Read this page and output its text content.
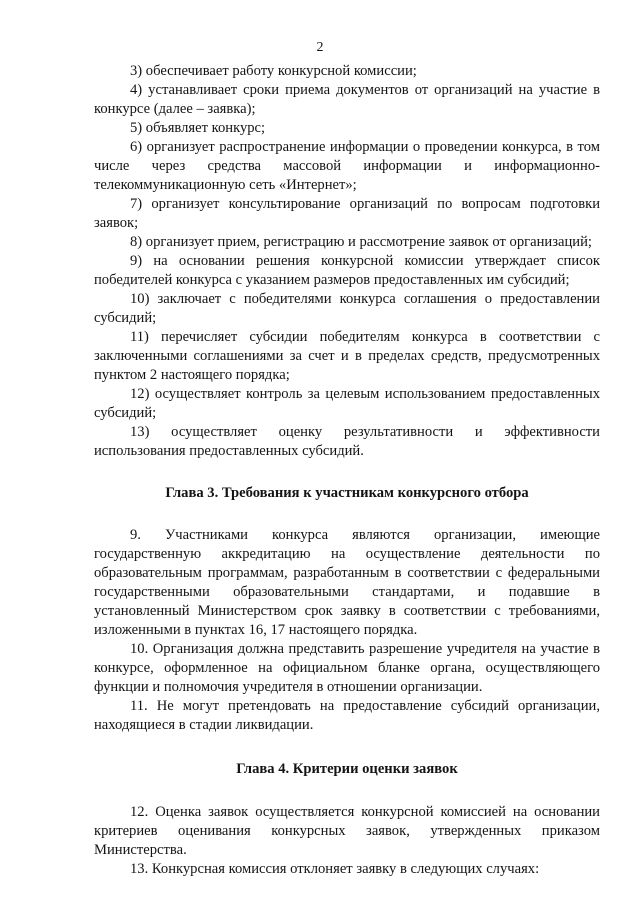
2

3) обеспечивает работу конкурсной комиссии;

4) устанавливает сроки приема документов от организаций на участие в конкурсе (далее – заявка);

5) объявляет конкурс;

6) организует распространение информации о проведении конкурса, в том числе через средства массовой информации и информационно-телекоммуникационную сеть «Интернет»;

7) организует консультирование организаций по вопросам подготовки заявок;

8) организует прием, регистрацию и рассмотрение заявок от организаций;

9) на основании решения конкурсной комиссии утверждает список победителей конкурса с указанием размеров предоставленных им субсидий;

10) заключает с победителями конкурса соглашения о предоставлении субсидий;

11) перечисляет субсидии победителям конкурса в соответствии с заключенными соглашениями за счет и в пределах средств, предусмотренных пунктом 2 настоящего порядка;

12) осуществляет контроль за целевым использованием предоставленных субсидий;

13) осуществляет оценку результативности и эффективности использования предоставленных субсидий.

Глава 3. Требования к участникам конкурсного отбора

9. Участниками конкурса являются организации, имеющие государственную аккредитацию на осуществление деятельности по образовательным программам, разработанным в соответствии с федеральными государственными образовательными стандартами, и подавшие в установленный Министерством срок заявку в соответствии с требованиями, изложенными в пунктах 16, 17 настоящего порядка.

10. Организация должна представить разрешение учредителя на участие в конкурсе, оформленное на официальном бланке органа, осуществляющего функции и полномочия учредителя в отношении организации.

11. Не могут претендовать на предоставление субсидий организации, находящиеся в стадии ликвидации.

Глава 4. Критерии оценки заявок

12. Оценка заявок осуществляется конкурсной комиссией на основании критериев оценивания конкурсных заявок, утвержденных приказом Министерства.

13. Конкурсная комиссия отклоняет заявку в следующих случаях:
